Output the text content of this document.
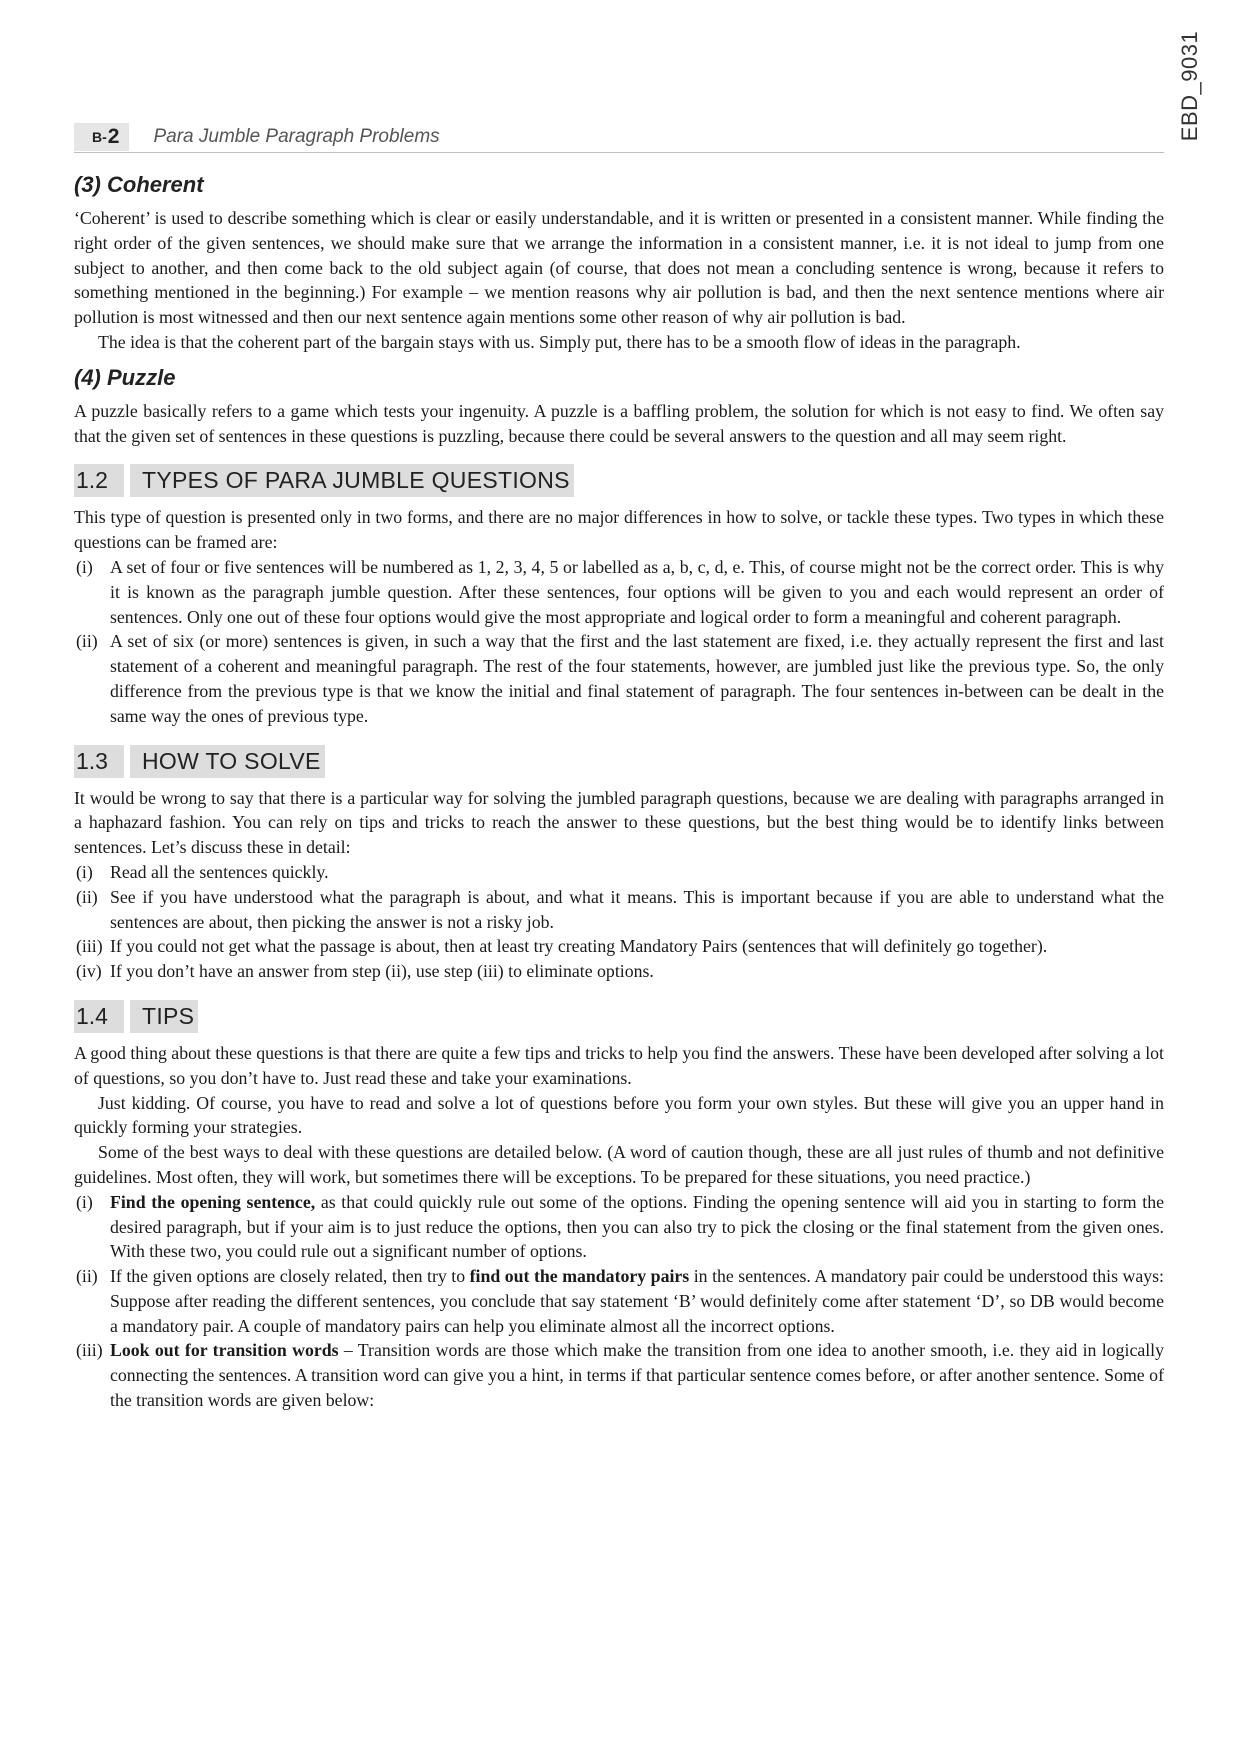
EBD_9031
B- 2 Para Jumble Paragraph Problems
(3) Coherent

‘Coherent’ is used to describe something which is clear or easily understandable, and it is written or presented in a consistent manner. While finding the right order of the given sentences, we should make sure that we arrange the information in a consistent manner, i.e. it is not ideal to jump from one subject to another, and then come back to the old subject again (of course, that does not mean a concluding sentence is wrong, because it refers to something mentioned in the beginning.) For example – we mention reasons why air pollution is bad, and then the next sentence mentions where air pollution is most witnessed and then our next sentence again mentions some other reason of why air pollution is bad.

The idea is that the coherent part of the bargain stays with us. Simply put, there has to be a smooth flow of ideas in the paragraph.

(4) Puzzle

A puzzle basically refers to a game which tests your ingenuity. A puzzle is a baffling problem, the solution for which is not easy to find. We often say that the given set of sentences in these questions is puzzling, because there could be several answers to the question and all may seem right.

1.2	TYPES OF PARA JUMBLE QUESTIONS

This type of question is presented only in two forms, and there are no major differences in how to solve, or tackle these types. Two types in which these questions can be framed are:

(i) A set of four or five sentences will be numbered as 1, 2, 3, 4, 5 or labelled as a, b, c, d, e. This, of course might not be the correct order. This is why it is known as the paragraph jumble question. After these sentences, four options will be given to you and each would represent an order of sentences. Only one out of these four options would give the most appropriate and logical order to form a meaningful and coherent paragraph.
(ii) A set of six (or more) sentences is given, in such a way that the first and the last statement are fixed, i.e. they actually represent the first and last statement of a coherent and meaningful paragraph. The rest of the four statements, however, are jumbled just like the previous type. So, the only difference from the previous type is that we know the initial and final statement of paragraph. The four sentences in-between can be dealt in the same way the ones of previous type.
1.3	HOW TO SOLVE

It would be wrong to say that there is a particular way for solving the jumbled paragraph questions, because we are dealing with paragraphs arranged in a haphazard fashion. You can rely on tips and tricks to reach the answer to these questions, but the best thing would be to identify links between sentences. Let’s discuss these in detail:

(i) Read all the sentences quickly.
(ii) See if you have understood what the paragraph is about, and what it means. This is important because if you are able to understand what the sentences are about, then picking the answer is not a risky job.
(iii) If you could not get what the passage is about, then at least try creating Mandatory Pairs (sentences that will definitely go together).
(iv) If you don’t have an answer from step (ii), use step (iii) to eliminate options.
1.4	TIPS

A good thing about these questions is that there are quite a few tips and tricks to help you find the answers. These have been developed after solving a lot of questions, so you don’t have to. Just read these and take your examinations.

Just kidding. Of course, you have to read and solve a lot of questions before you form your own styles. But these will give you an upper hand in quickly forming your strategies.

Some of the best ways to deal with these questions are detailed below. (A word of caution though, these are all just rules of thumb and not definitive guidelines. Most often, they will work, but sometimes there will be exceptions. To be prepared for these situations, you need practice.)

(i) Find the opening sentence, as that could quickly rule out some of the options. Finding the opening sentence will aid you in starting to form the desired paragraph, but if your aim is to just reduce the options, then you can also try to pick the closing or the final statement from the given ones. With these two, you could rule out a significant number of options.
(ii) If the given options are closely related, then try to find out the mandatory pairs in the sentences. A mandatory pair could be understood this ways: Suppose after reading the different sentences, you conclude that say statement ‘B’ would definitely come after statement ‘D’, so DB would become a mandatory pair. A couple of mandatory pairs can help you eliminate almost all the incorrect options.
(iii) Look out for transition words – Transition words are those which make the transition from one idea to another smooth, i.e. they aid in logically connecting the sentences. A transition word can give you a hint, in terms if that particular sentence comes before, or after another sentence. Some of the transition words are given below:
